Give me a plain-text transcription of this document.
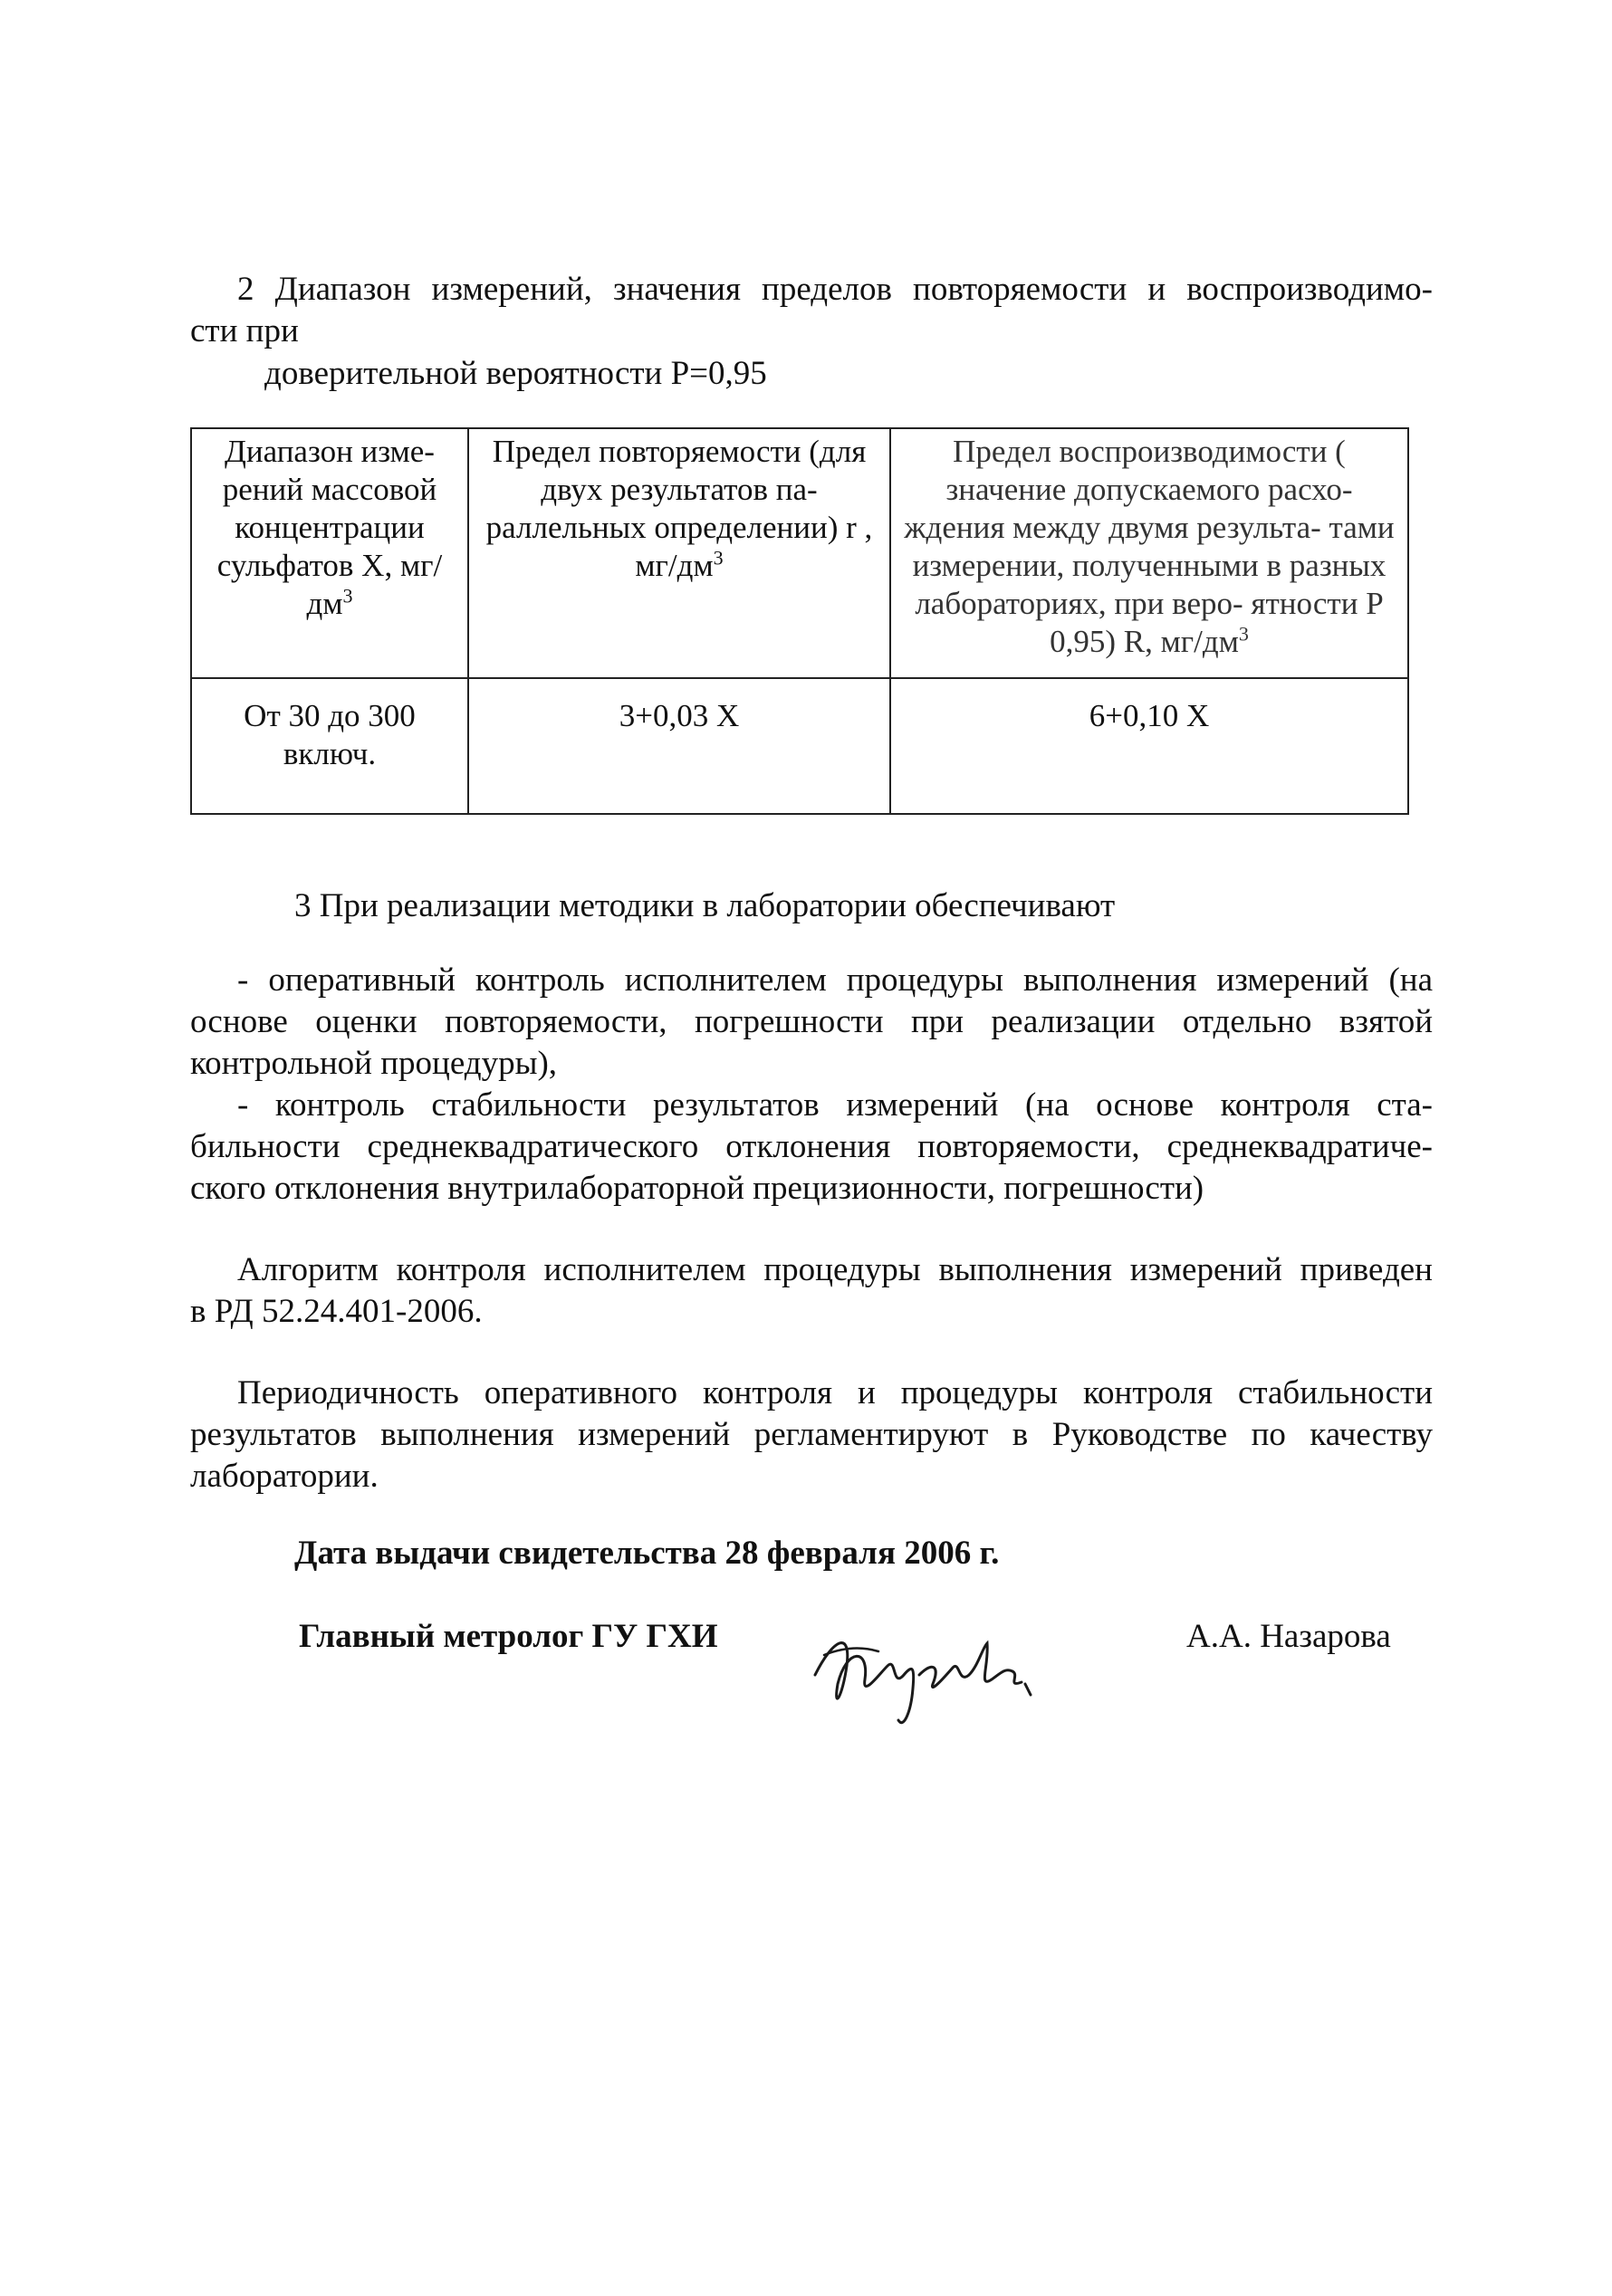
2 Диапазон измерений, значения пределов повторяемости и воспроизводимо-
сти при
доверительной вероятности P=0,95
Диапазон изме- рений массовой концентрации сульфатов X, $мг/дм^3$	Предел повторяемости (для двух результатов па- раллельных определении) r , $мг/дм^3$	Предел воспроизводимости ( значение допускаемого расхо- ждения между двумя результа- тами измерении, полученными в разных лабораториях, при веро- ятности P 0,95) R, $мг/дм^3$
От 30 до 300 включ.	3+0,03 X	6+0,10 X
3 При реализации методики в лаборатории обеспечивают
- оперативный контроль исполнителем процедуры выполнения измерений (на
основе оценки повторяемости, погрешности при реализации отдельно взятой
контрольной процедуры),
- контроль стабильности результатов измерений (на основе контроля ста-
бильности среднеквадратического отклонения повторяемости, среднеквадратиче-
ского отклонения внутрилабораторной прецизионности, погрешности)
Алгоритм контроля исполнителем процедуры выполнения измерений приведен
в РД 52.24.401-2006.
Периодичность оперативного контроля и процедуры контроля стабильности
результатов выполнения измерений регламентируют в Руководстве по качеству
лаборатории.
Дата выдачи свидетельства 28 февраля 2006 г.
Главный метролог ГУ ГХИ	А.А. Назарова
